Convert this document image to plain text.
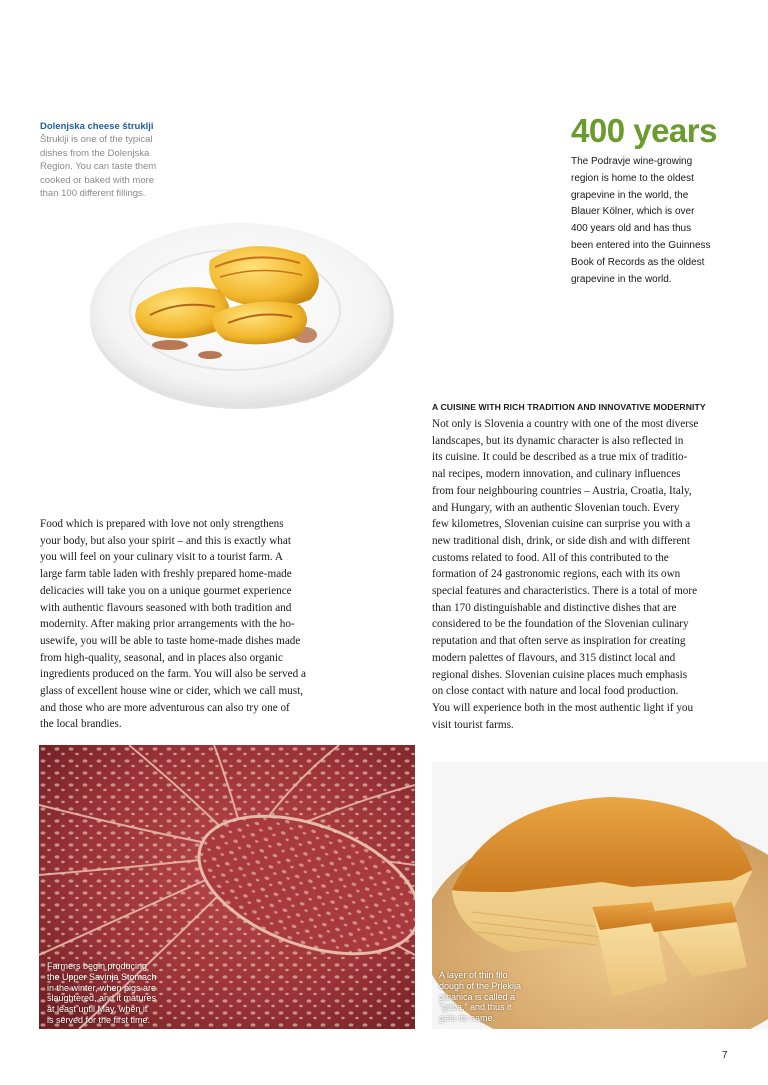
Dolenjska cheese štruklji
Štruklji is one of the typical
dishes from the Dolenjska
Region. You can taste them
cooked or baked with more
than 100 different fillings.
400 years
The Podravje wine-growing
region is home to the oldest
grapevine in the world, the
Blauer Kölner, which is over
400 years old and has thus
been entered into the Guinness
Book of Records as the oldest
grapevine in the world.
A CUISINE WITH RICH TRADITION AND INNOVATIVE MODERNITY
Not only is Slovenia a country with one of the most diverse
landscapes, but its dynamic character is also reflected in
its cuisine. It could be described as a true mix of traditio-
nal recipes, modern innovation, and culinary influences
from four neighbouring countries – Austria, Croatia, Italy,
and Hungary, with an authentic Slovenian touch. Every
few kilometres, Slovenian cuisine can surprise you with a
new traditional dish, drink, or side dish and with different
customs related to food. All of this contributed to the
formation of 24 gastronomic regions, each with its own
special features and characteristics. There is a total of more
than 170 distinguishable and distinctive dishes that are
considered to be the foundation of the Slovenian culinary
reputation and that often serve as inspiration for creating
modern palettes of flavours, and 315 distinct local and
regional dishes. Slovenian cuisine places much emphasis
on close contact with nature and local food production.
You will experience both in the most authentic light if you
visit tourist farms.
Food which is prepared with love not only strengthens
your body, but also your spirit – and this is exactly what
you will feel on your culinary visit to a tourist farm. A
large farm table laden with freshly prepared home-made
delicacies will take you on a unique gourmet experience
with authentic flavours seasoned with both tradition and
modernity. After making prior arrangements with the ho-
usewife, you will be able to taste home-made dishes made
from high-quality, seasonal, and in places also organic
ingredients produced on the farm. You will also be served a
glass of excellent house wine or cider, which we call must,
and those who are more adventurous can also try one of
the local brandies.
Farmers begin producing
the Upper Savinja Stomach
in the winter, when pigs are
slaughtered, and it matures
at least until May, when it
is served for the first time.
A layer of thin filo
dough of the Prlekija
gibanica is called a
“güba,” and thus it
gets its name.
7
